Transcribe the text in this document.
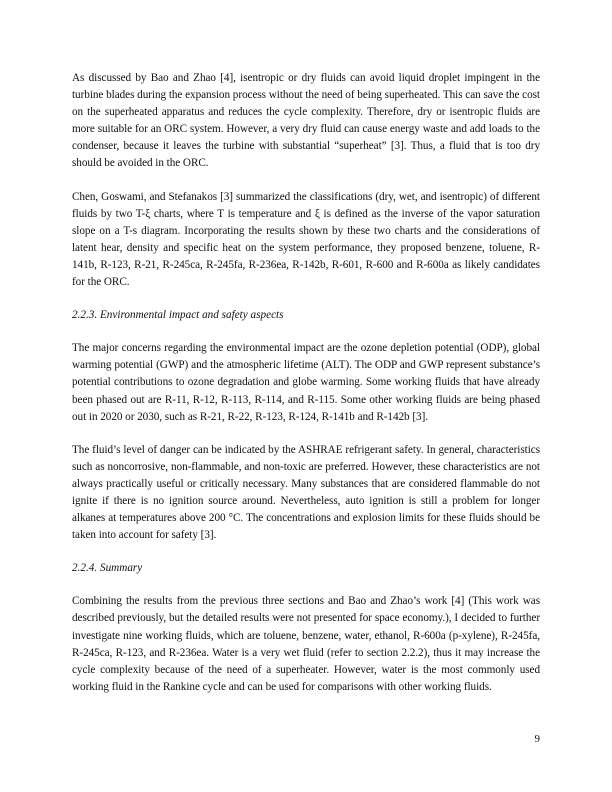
As discussed by Bao and Zhao [4], isentropic or dry fluids can avoid liquid droplet impingent in the turbine blades during the expansion process without the need of being superheated. This can save the cost on the superheated apparatus and reduces the cycle complexity. Therefore, dry or isentropic fluids are more suitable for an ORC system. However, a very dry fluid can cause energy waste and add loads to the condenser, because it leaves the turbine with substantial “superheat” [3]. Thus, a fluid that is too dry should be avoided in the ORC.

Chen, Goswami, and Stefanakos [3] summarized the classifications (dry, wet, and isentropic) of different fluids by two T-ξ charts, where T is temperature and ξ is defined as the inverse of the vapor saturation slope on a T-s diagram. Incorporating the results shown by these two charts and the considerations of latent hear, density and specific heat on the system performance, they proposed benzene, toluene, R-141b, R-123, R-21, R-245ca, R-245fa, R-236ea, R-142b, R-601, R-600 and R-600a as likely candidates for the ORC.

2.2.3. Environmental impact and safety aspects

The major concerns regarding the environmental impact are the ozone depletion potential (ODP), global warming potential (GWP) and the atmospheric lifetime (ALT). The ODP and GWP represent substance’s potential contributions to ozone degradation and globe warming. Some working fluids that have already been phased out are R-11, R-12, R-113, R-114, and R-115. Some other working fluids are being phased out in 2020 or 2030, such as R-21, R-22, R-123, R-124, R-141b and R-142b [3].

The fluid’s level of danger can be indicated by the ASHRAE refrigerant safety. In general, characteristics such as noncorrosive, non-flammable, and non-toxic are preferred. However, these characteristics are not always practically useful or critically necessary. Many substances that are considered flammable do not ignite if there is no ignition source around. Nevertheless, auto ignition is still a problem for longer alkanes at temperatures above 200 °C. The concentrations and explosion limits for these fluids should be taken into account for safety [3].

2.2.4. Summary

Combining the results from the previous three sections and Bao and Zhao’s work [4] (This work was described previously, but the detailed results were not presented for space economy.), I decided to further investigate nine working fluids, which are toluene, benzene, water, ethanol, R-600a (p-xylene), R-245fa, R-245ca, R-123, and R-236ea. Water is a very wet fluid (refer to section 2.2.2), thus it may increase the cycle complexity because of the need of a superheater. However, water is the most commonly used working fluid in the Rankine cycle and can be used for comparisons with other working fluids.

9
